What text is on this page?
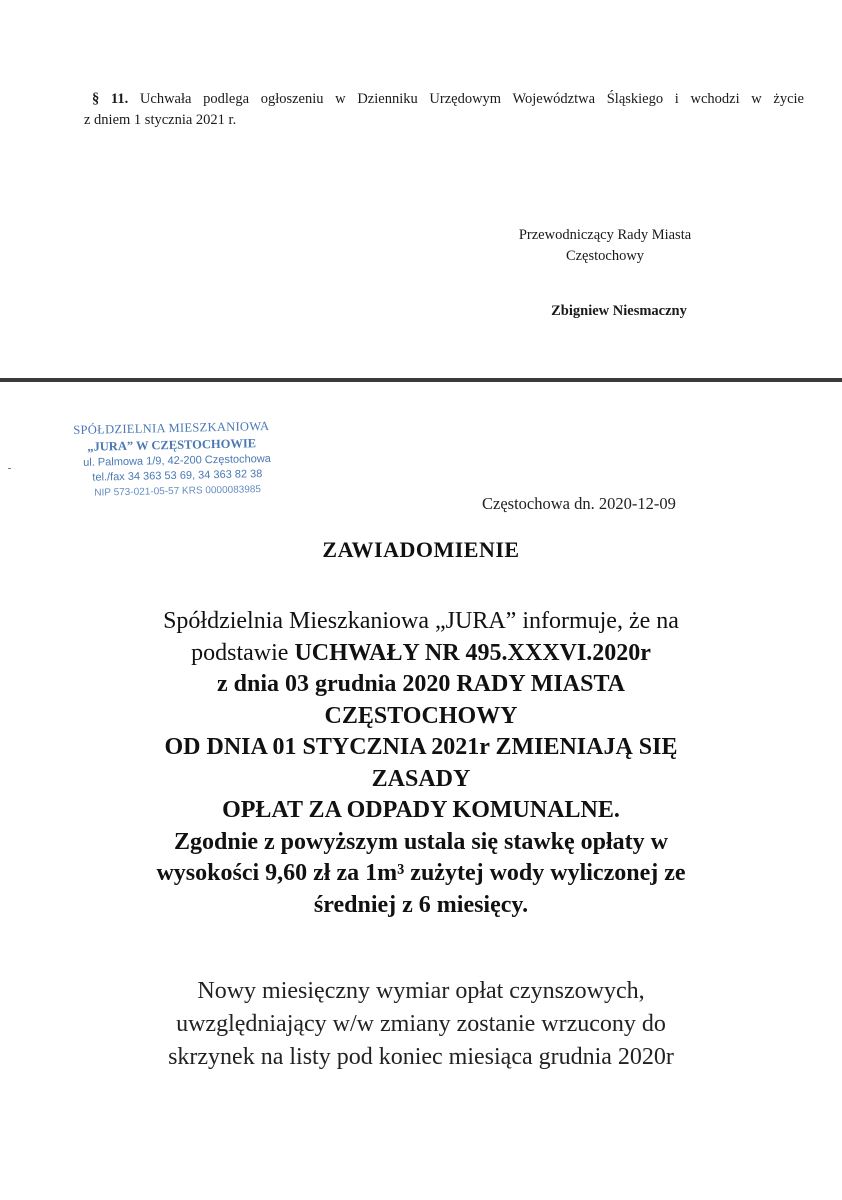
§ 11. Uchwała podlega ogłoszeniu w Dzienniku Urzędowym Województwa Śląskiego i wchodzi w życie
z dniem 1 stycznia 2021 r.
Przewodniczący Rady Miasta
Częstochowy
Zbigniew Niesmaczny
SPÓŁDZIELNIA MIESZKANIOWA
„JURA” W CZĘSTOCHOWIE
ul. Palmowa 1/9, 42-200 Częstochowa
tel./fax 34 363 53 69, 34 363 82 38
NIP 573-021-05-57 KRS 0000083985
Częstochowa dn. 2020-12-09
ZAWIADOMIENIE
Spółdzielnia Mieszkaniowa „JURA” informuje, że na
podstawie UCHWAŁY NR 495.XXXVI.2020r
z dnia 03 grudnia 2020 RADY MIASTA
CZĘSTOCHOWY
OD DNIA 01 STYCZNIA 2021r ZMIENIAJĄ SIĘ
ZASADY
OPŁAT ZA ODPADY KOMUNALNE.
Zgodnie z powyższym ustala się stawkę opłaty w
wysokości 9,60 zł za 1m³ zużytej wody wyliczonej ze
średniej z 6 miesięcy.
Nowy miesięczny wymiar opłat czynszowych,
uwzględniający w/w zmiany zostanie wrzucony do
skrzynek na listy pod koniec miesiąca grudnia 2020r
